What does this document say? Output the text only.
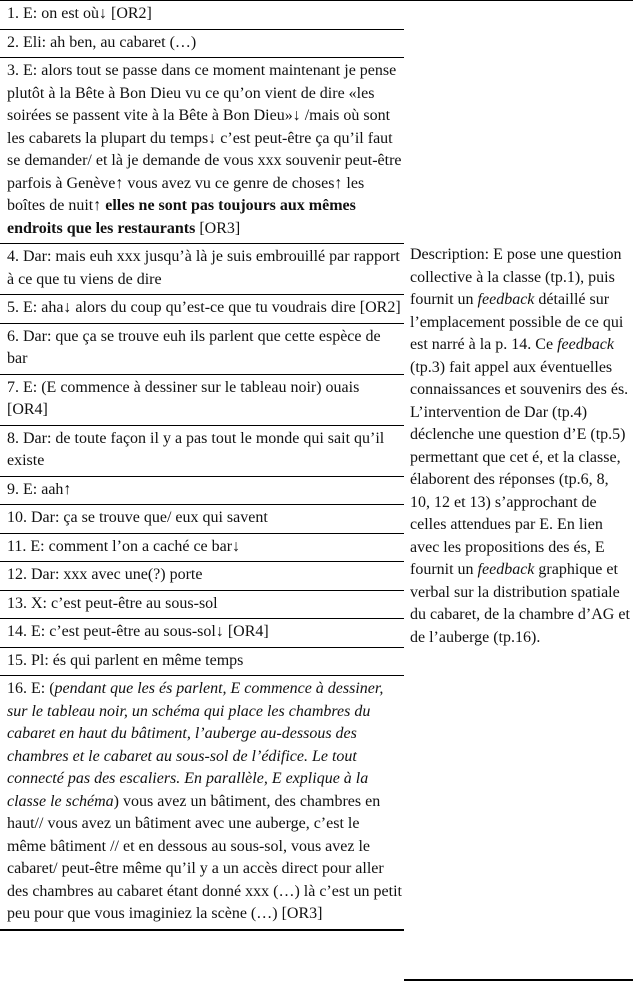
1. E: on est où↓ [OR2]
2. Eli: ah ben, au cabaret (…)
3. E: alors tout se passe dans ce moment maintenant je pense plutôt à la Bête à Bon Dieu vu ce qu’on vient de dire «les soirées se passent vite à la Bête à Bon Dieu»↓ /mais où sont les cabarets la plupart du temps↓ c’est peut-être ça qu’il faut se demander/ et là je demande de vous xxx souvenir peut-être parfois à Genève↑ vous avez vu ce genre de choses↑ les boîtes de nuit↑ elles ne sont pas toujours aux mêmes endroits que les restaurants [OR3]
4. Dar: mais euh xxx jusqu’à là je suis embrouillé par rapport à ce que tu viens de dire
5. E: aha↓ alors du coup qu’est-ce que tu voudrais dire [OR2]
6. Dar: que ça se trouve euh ils parlent que cette espèce de bar
7. E: (E commence à dessiner sur le tableau noir) ouais [OR4]
8. Dar: de toute façon il y a pas tout le monde qui sait qu’il existe
9. E: aah↑
10. Dar: ça se trouve que/ eux qui savent
11. E: comment l’on a caché ce bar↓
12. Dar: xxx avec une(?) porte
13. X: c’est peut-être au sous-sol
14. E: c’est peut-être au sous-sol↓ [OR4]
15. Pl: és qui parlent en même temps
16. E: (pendant que les és parlent, E commence à dessiner, sur le tableau noir, un schéma qui place les chambres du cabaret en haut du bâtiment, l’auberge au-dessous des chambres et le cabaret au sous-sol de l’édifice. Le tout connecté pas des escaliers. En parallèle, E explique à la classe le schéma) vous avez un bâtiment, des chambres en haut// vous avez un bâtiment avec une auberge, c’est le même bâtiment // et en dessous au sous-sol, vous avez le cabaret/ peut-être même qu’il y a un accès direct pour aller des chambres au cabaret étant donné xxx (…) là c’est un petit peu pour que vous imaginiez la scène (…) [OR3]
Description: E pose une question collective à la classe (tp.1), puis fournit un feedback détaillé sur l’emplacement possible de ce qui est narré à la p. 14. Ce feedback (tp.3) fait appel aux éventuelles connaissances et souvenirs des és. L’intervention de Dar (tp.4) déclenche une question d’E (tp.5) permettant que cet é, et la classe, élaborent des réponses (tp.6, 8, 10, 12 et 13) s’approchant de celles attendues par E. En lien avec les propositions des és, E fournit un feedback graphique et verbal sur la distribution spatiale du cabaret, de la chambre d’AG et de l’auberge (tp.16).
